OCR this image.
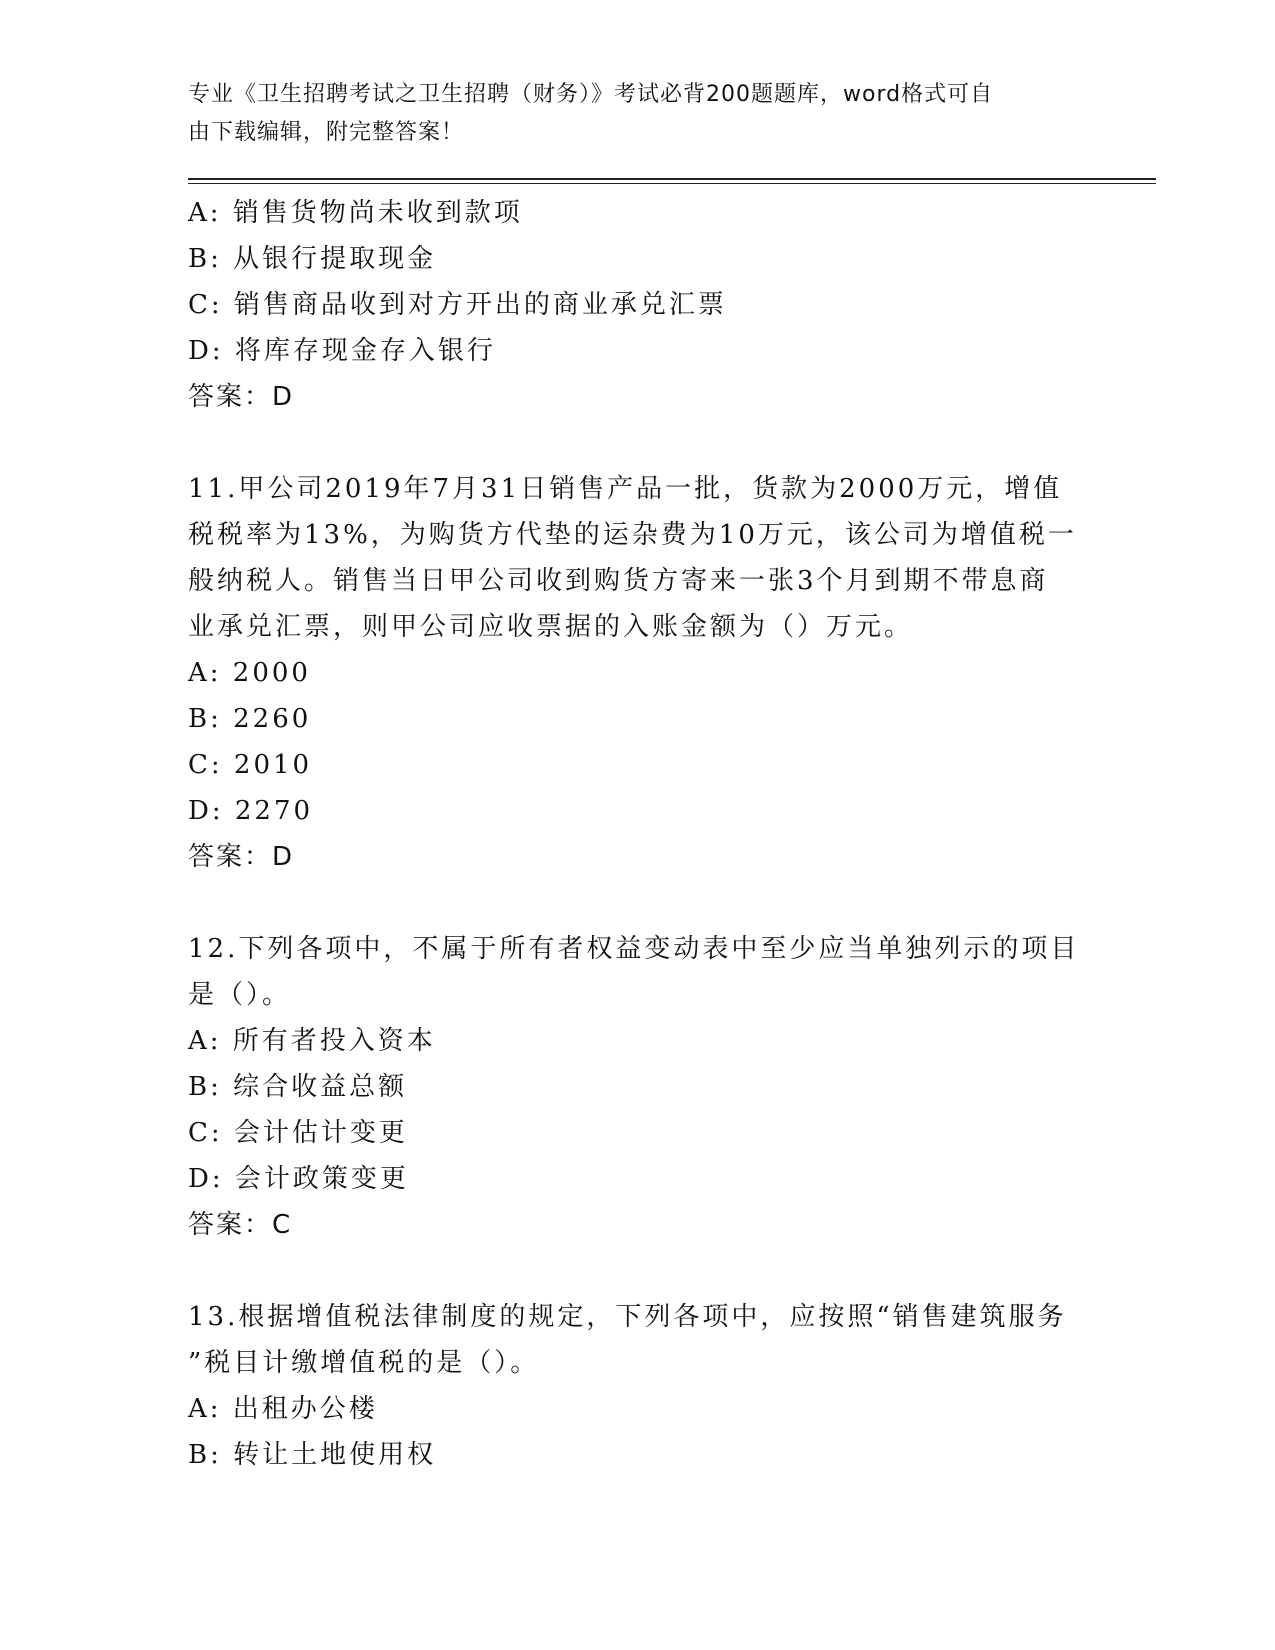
专业《卫生招聘考试之卫生招聘（财务）》考试必背200题题库，word格式可自
由下载编辑，附完整答案！

A: 销售货物尚未收到款项

B: 从银行提取现金

C: 销售商品收到对方开出的商业承兑汇票

D: 将库存现金存入银行

答案：D

11.甲公司2019年7月31日销售产品一批，货款为2000万元，增值

税税率为13%，为购货方代垫的运杂费为10万元，该公司为增值税一

般纳税人。销售当日甲公司收到购货方寄来一张3个月到期不带息商

业承兑汇票，则甲公司应收票据的入账金额为（）万元。

A: 2000

B: 2260

C: 2010

D: 2270

答案：D

12.下列各项中，不属于所有者权益变动表中至少应当单独列示的项目

是（）。

A: 所有者投入资本

B: 综合收益总额

C: 会计估计变更

D: 会计政策变更

答案：C

13.根据增值税法律制度的规定，下列各项中，应按照“销售建筑服务

”税目计缴增值税的是（）。

A: 出租办公楼

B: 转让土地使用权
